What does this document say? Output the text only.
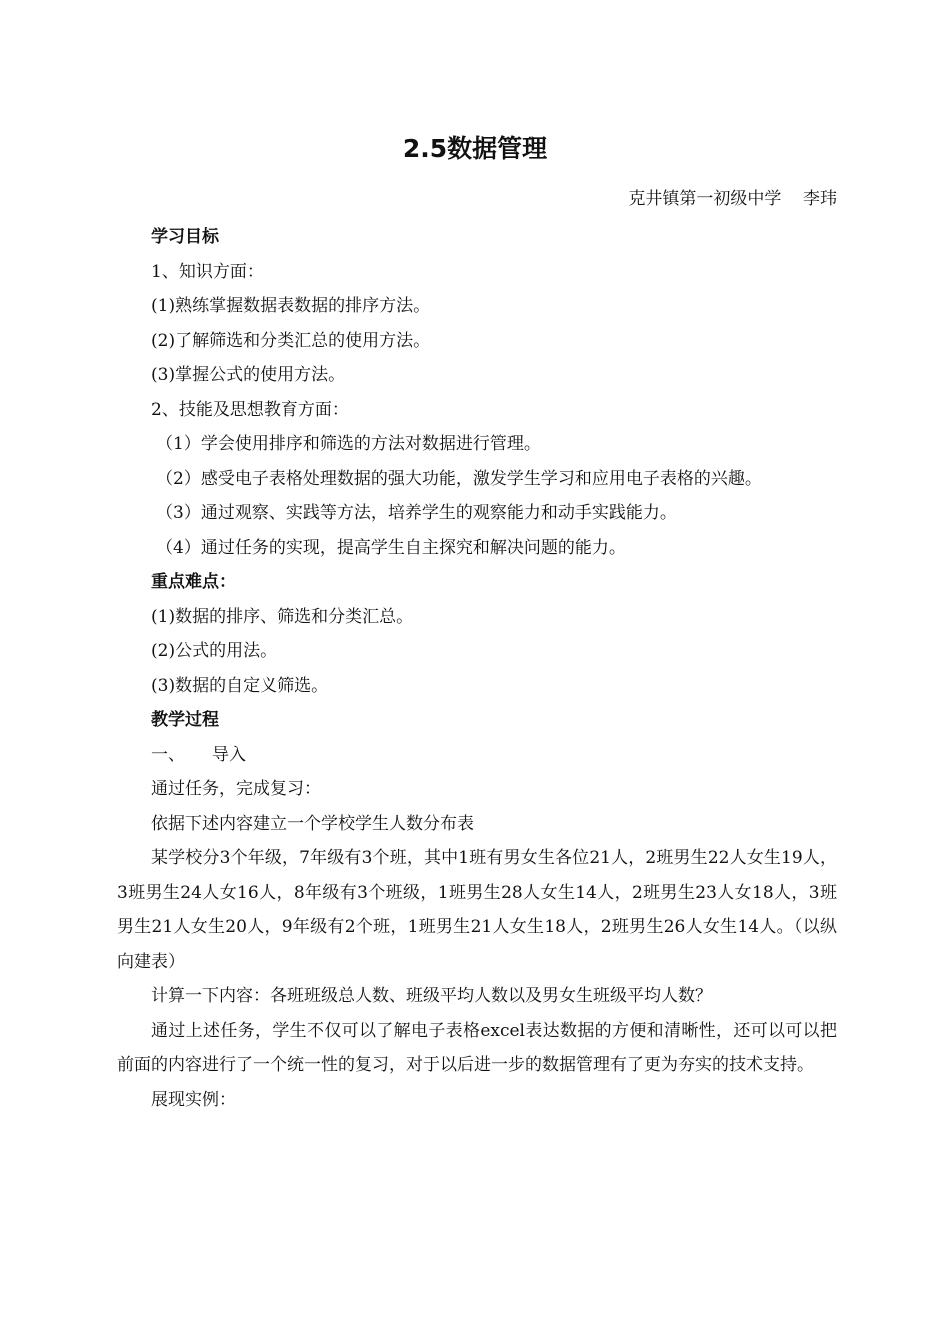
2.5数据管理
克井镇第一初级中学    李玮
学习目标
1、知识方面：
(1)熟练掌握数据表数据的排序方法。
(2)了解筛选和分类汇总的使用方法。
(3)掌握公式的使用方法。
2、技能及思想教育方面：
（1）学会使用排序和筛选的方法对数据进行管理。
（2）感受电子表格处理数据的强大功能，激发学生学习和应用电子表格的兴趣。
（3）通过观察、实践等方法，培养学生的观察能力和动手实践能力。
（4）通过任务的实现，提高学生自主探究和解决问题的能力。
重点难点：
(1)数据的排序、筛选和分类汇总。
(2)公式的用法。
(3)数据的自定义筛选。
教学过程
一、     导入
通过任务，完成复习：
依据下述内容建立一个学校学生人数分布表
某学校分3个年级，7年级有3个班，其中1班有男女生各位21人，2班男生22人女生19人，3班男生24人女16人，8年级有3个班级，1班男生28人女生14人，2班男生23人女18人，3班男生21人女生20人，9年级有2个班，1班男生21人女生18人，2班男生26人女生14人。（以纵向建表）
计算一下内容：各班班级总人数、班级平均人数以及男女生班级平均人数？
通过上述任务，学生不仅可以了解电子表格excel表达数据的方便和清晰性，还可以可以把前面的内容进行了一个统一性的复习，对于以后进一步的数据管理有了更为夯实的技术支持。
展现实例：
